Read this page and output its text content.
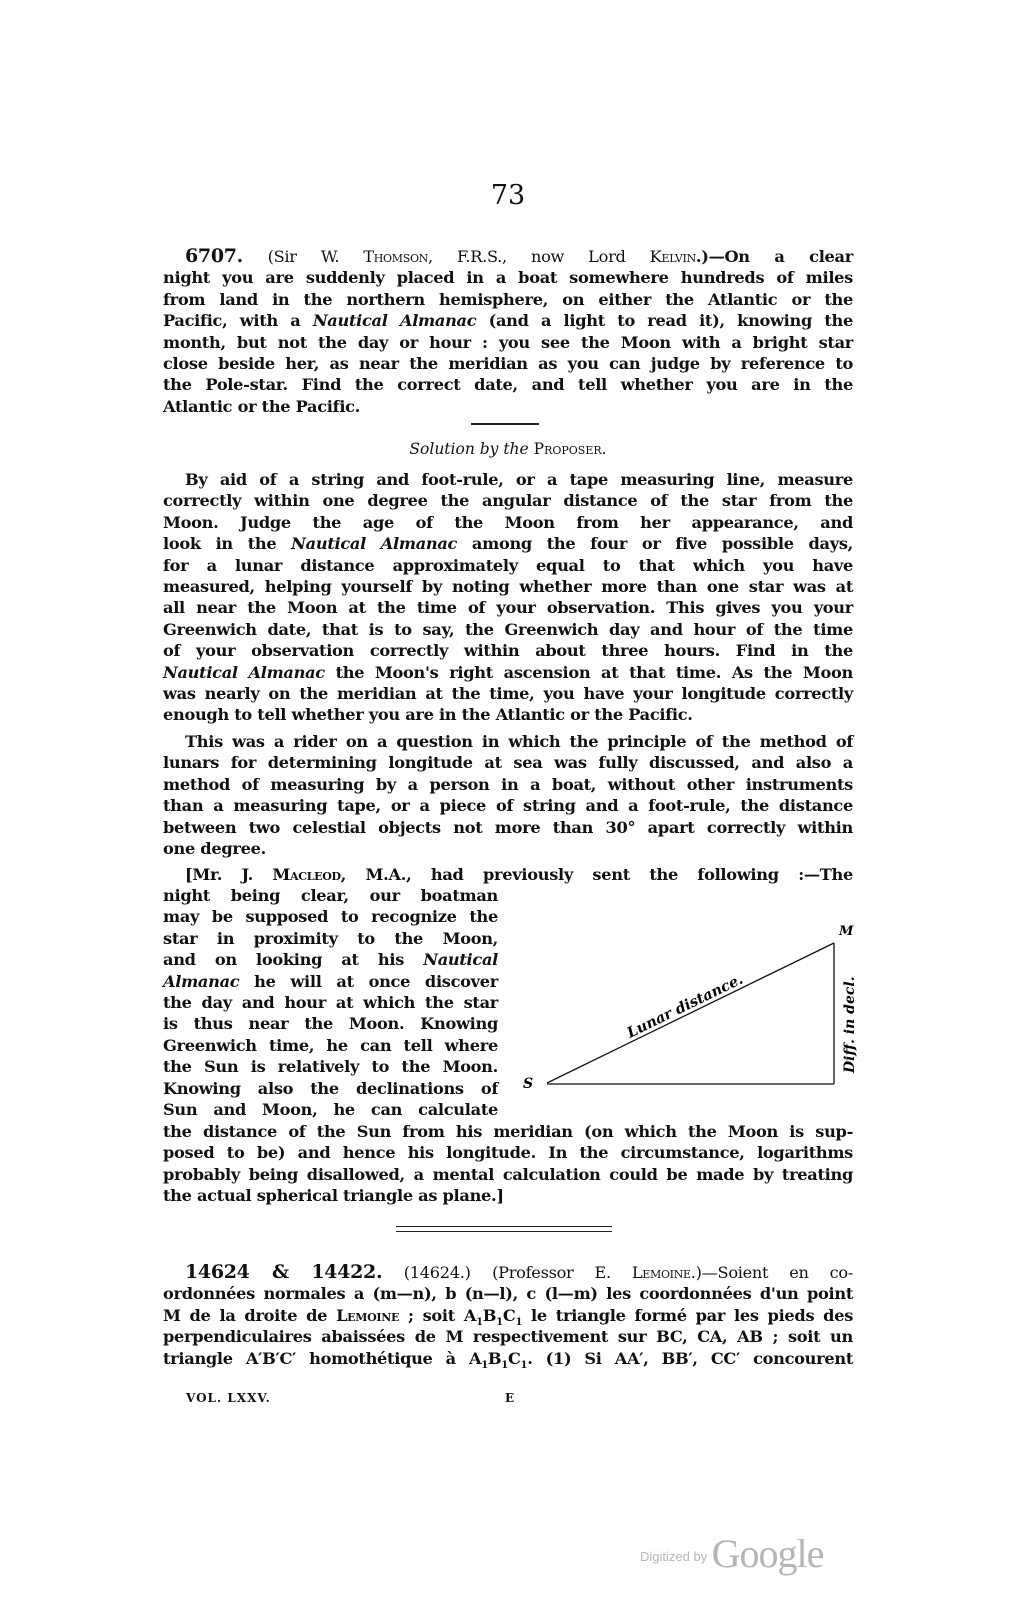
73
6707. (Sir W. Thomson, F.R.S., now Lord Kelvin.)—On a clear
night you are suddenly placed in a boat somewhere hundreds of miles
from land in the northern hemisphere, on either the Atlantic or the
Pacific, with a Nautical Almanac (and a light to read it), knowing the
month, but not the day or hour : you see the Moon with a bright star
close beside her, as near the meridian as you can judge by reference to
the Pole-star. Find the correct date, and tell whether you are in the
Atlantic or the Pacific.
Solution by the Proposer.
By aid of a string and foot-rule, or a tape measuring line, measure
correctly within one degree the angular distance of the star from the
Moon. Judge the age of the Moon from her appearance, and
look in the Nautical Almanac among the four or five possible days,
for a lunar distance approximately equal to that which you have
measured, helping yourself by noting whether more than one star was at
all near the Moon at the time of your observation. This gives you your
Greenwich date, that is to say, the Greenwich day and hour of the time
of your observation correctly within about three hours. Find in the
Nautical Almanac the Moon's right ascension at that time. As the Moon
was nearly on the meridian at the time, you have your longitude correctly
enough to tell whether you are in the Atlantic or the Pacific.
This was a rider on a question in which the principle of the method of
lunars for determining longitude at sea was fully discussed, and also a
method of measuring by a person in a boat, without other instruments
than a measuring tape, or a piece of string and a foot-rule, the distance
between two celestial objects not more than 30° apart correctly within
one degree.
[Mr. J. Macleod, M.A., had previously sent the following :—The
night being clear, our boatman
may be supposed to recognize the
star in proximity to the Moon,
and on looking at his Nautical
Almanac he will at once discover
the day and hour at which the star
is thus near the Moon. Knowing
Greenwich time, he can tell where
the Sun is relatively to the Moon.
Knowing also the declinations of
Sun and Moon, he can calculate
M
S
Lunar distance.	Diff. in decl.
the distance of the Sun from his meridian (on which the Moon is sup-
posed to be) and hence his longitude. In the circumstance, logarithms
probably being disallowed, a mental calculation could be made by treating
the actual spherical triangle as plane.]
14624 & 14422. (14624.) (Professor E. Lemoine.)—Soient en co-
ordonnées normales a (m—n), b (n—l), c (l—m) les coordonnées d'un point
M de la droite de Lemoine ; soit $A_1B_1C_1$ le triangle formé par les pieds des
perpendiculaires abaissées de M respectivement sur BC, CA, AB ; soit un
triangle A′B′C′ homothétique à $A_1B_1C_1$. (1) Si AA′, BB′, CC′ concourent
VOL. LXXV.	E
$^{Digitized by}$ Google
